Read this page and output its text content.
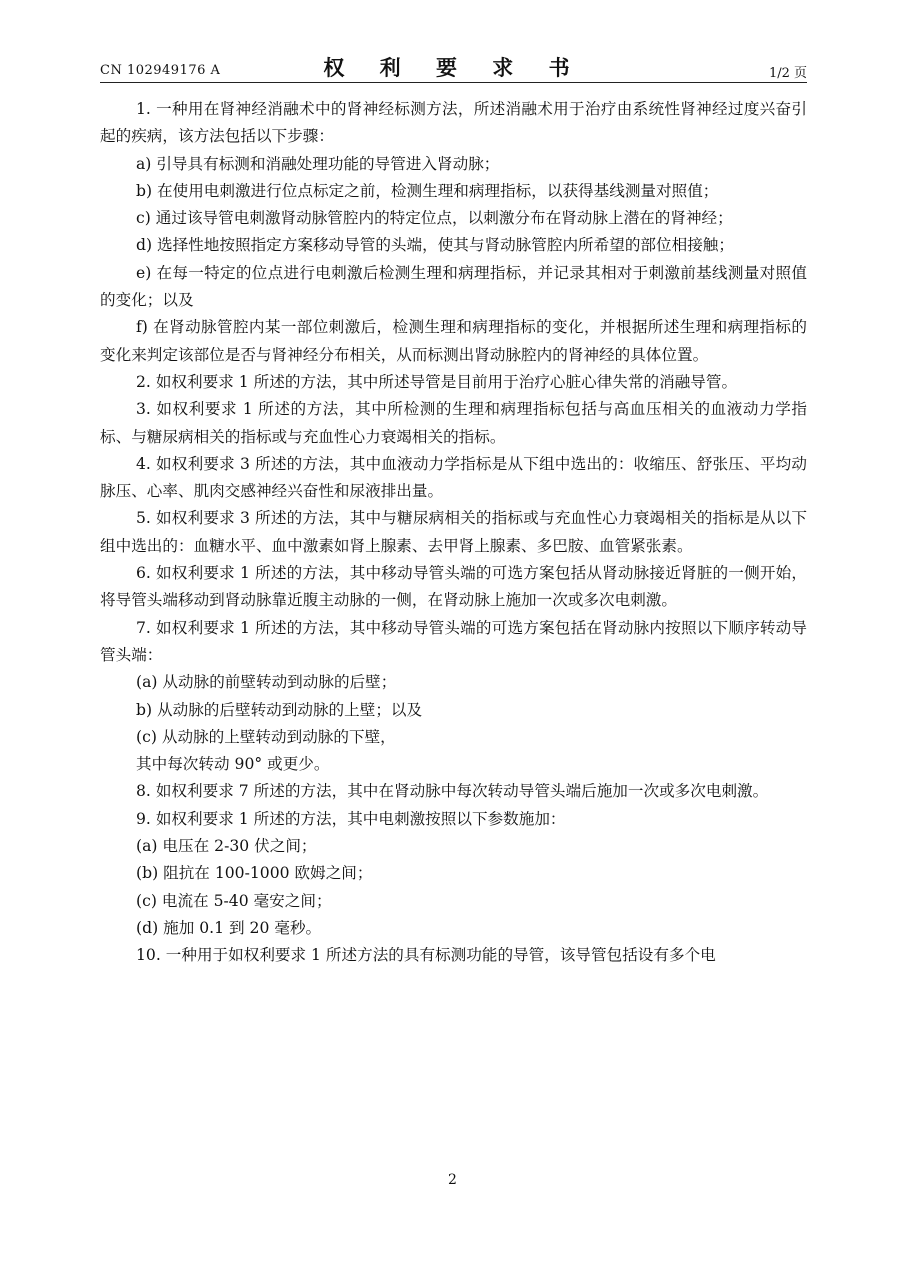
CN 102949176 A	权 利 要 求 书	1/2 页

1. 一种用在肾神经消融术中的肾神经标测方法，所述消融术用于治疗由系统性肾神经过度兴奋引起的疾病，该方法包括以下步骤：

a) 引导具有标测和消融处理功能的导管进入肾动脉；

b) 在使用电刺激进行位点标定之前，检测生理和病理指标，以获得基线测量对照值；

c) 通过该导管电刺激肾动脉管腔内的特定位点，以刺激分布在肾动脉上潜在的肾神经；

d) 选择性地按照指定方案移动导管的头端，使其与肾动脉管腔内所希望的部位相接触；

e) 在每一特定的位点进行电刺激后检测生理和病理指标，并记录其相对于刺激前基线测量对照值的变化；以及

f) 在肾动脉管腔内某一部位刺激后，检测生理和病理指标的变化，并根据所述生理和病理指标的变化来判定该部位是否与肾神经分布相关，从而标测出肾动脉腔内的肾神经的具体位置。

2. 如权利要求 1 所述的方法，其中所述导管是目前用于治疗心脏心律失常的消融导管。

3. 如权利要求 1 所述的方法，其中所检测的生理和病理指标包括与高血压相关的血液动力学指标、与糖尿病相关的指标或与充血性心力衰竭相关的指标。

4. 如权利要求 3 所述的方法，其中血液动力学指标是从下组中选出的：收缩压、舒张压、平均动脉压、心率、肌肉交感神经兴奋性和尿液排出量。

5. 如权利要求 3 所述的方法，其中与糖尿病相关的指标或与充血性心力衰竭相关的指标是从以下组中选出的：血糖水平、血中激素如肾上腺素、去甲肾上腺素、多巴胺、血管紧张素。

6. 如权利要求 1 所述的方法，其中移动导管头端的可选方案包括从肾动脉接近肾脏的一侧开始，将导管头端移动到肾动脉靠近腹主动脉的一侧，在肾动脉上施加一次或多次电刺激。

7. 如权利要求 1 所述的方法，其中移动导管头端的可选方案包括在肾动脉内按照以下顺序转动导管头端：

(a) 从动脉的前壁转动到动脉的后壁；

b) 从动脉的后壁转动到动脉的上壁；以及

(c) 从动脉的上壁转动到动脉的下壁，

其中每次转动 90° 或更少。

8. 如权利要求 7 所述的方法，其中在肾动脉中每次转动导管头端后施加一次或多次电刺激。

9. 如权利要求 1 所述的方法，其中电刺激按照以下参数施加：

(a) 电压在 2-30 伏之间；

(b) 阻抗在 100-1000 欧姆之间；

(c) 电流在 5-40 毫安之间；

(d) 施加 0.1 到 20 毫秒。

10. 一种用于如权利要求 1 所述方法的具有标测功能的导管，该导管包括设有多个电

2
